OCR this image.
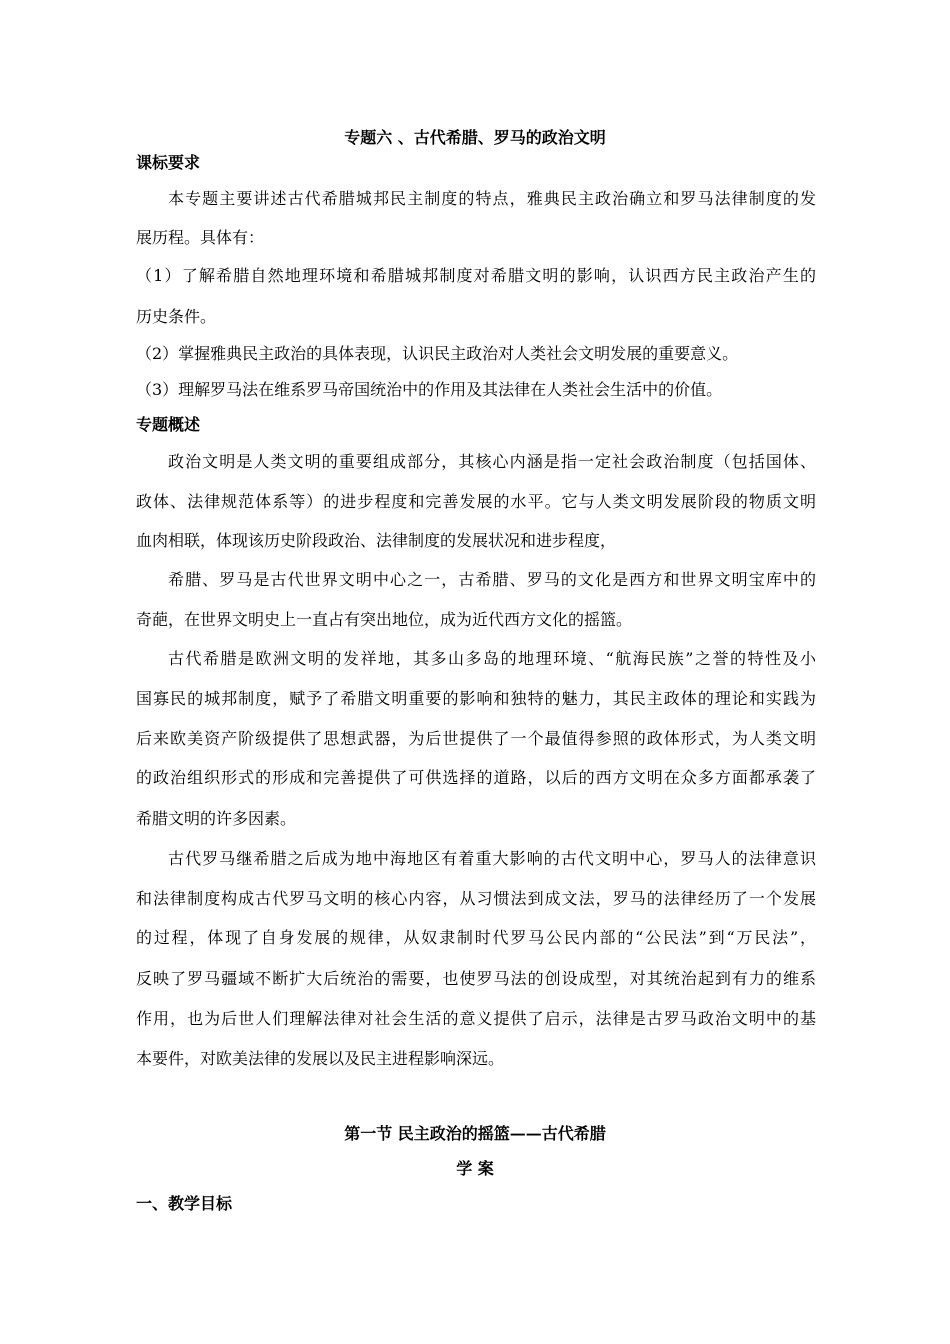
专题六 、古代希腊、罗马的政治文明
课标要求
本专题主要讲述古代希腊城邦民主制度的特点，雅典民主政治确立和罗马法律制度的发
展历程。具体有：
（1）了解希腊自然地理环境和希腊城邦制度对希腊文明的影响，认识西方民主政治产生的
历史条件。
（2）掌握雅典民主政治的具体表现，认识民主政治对人类社会文明发展的重要意义。
（3）理解罗马法在维系罗马帝国统治中的作用及其法律在人类社会生活中的价值。
专题概述
政治文明是人类文明的重要组成部分，其核心内涵是指一定社会政治制度（包括国体、
政体、法律规范体系等）的进步程度和完善发展的水平。它与人类文明发展阶段的物质文明
血肉相联，体现该历史阶段政治、法律制度的发展状况和进步程度，
希腊、罗马是古代世界文明中心之一，古希腊、罗马的文化是西方和世界文明宝库中的
奇葩，在世界文明史上一直占有突出地位，成为近代西方文化的摇篮。
古代希腊是欧洲文明的发祥地，其多山多岛的地理环境、“航海民族”之誉的特性及小
国寡民的城邦制度，赋予了希腊文明重要的影响和独特的魅力，其民主政体的理论和实践为
后来欧美资产阶级提供了思想武器，为后世提供了一个最值得参照的政体形式，为人类文明
的政治组织形式的形成和完善提供了可供选择的道路，以后的西方文明在众多方面都承袭了
希腊文明的许多因素。
古代罗马继希腊之后成为地中海地区有着重大影响的古代文明中心，罗马人的法律意识
和法律制度构成古代罗马文明的核心内容，从习惯法到成文法，罗马的法律经历了一个发展
的过程，体现了自身发展的规律，从奴隶制时代罗马公民内部的“公民法”到“万民法”，
反映了罗马疆域不断扩大后统治的需要，也使罗马法的创设成型，对其统治起到有力的维系
作用，也为后世人们理解法律对社会生活的意义提供了启示，法律是古罗马政治文明中的基
本要件，对欧美法律的发展以及民主进程影响深远。
第一节 民主政治的摇篮——古代希腊
学 案
一、教学目标
